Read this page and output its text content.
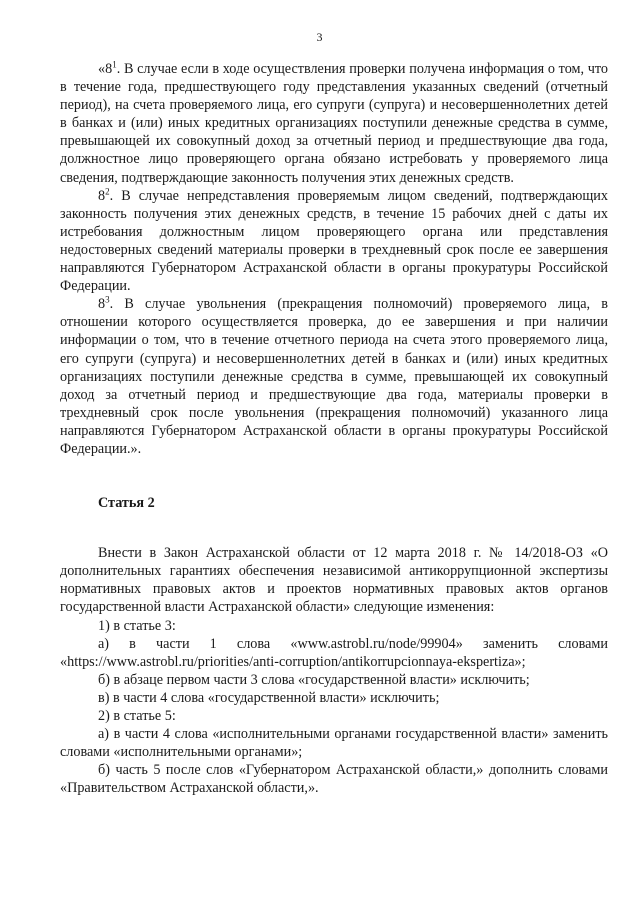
3

«$8^1$. В случае если в ходе осуществления проверки получена информация о том, что в течение года, предшествующего году представления указанных сведений (отчетный период), на счета проверяемого лица, его супруги (супруга) и несовершеннолетних детей в банках и (или) иных кредитных организациях поступили денежные средства в сумме, превышающей их совокупный доход за отчетный период и предшествующие два года, должностное лицо проверяющего органа обязано истребовать у проверяемого лица сведения, подтверждающие законность получения этих денежных средств.

$8^2$. В случае непредставления проверяемым лицом сведений, подтверждающих законность получения этих денежных средств, в течение 15 рабочих дней с даты их истребования должностным лицом проверяющего органа или представления недостоверных сведений материалы проверки в трехдневный срок после ее завершения направляются Губернатором Астраханской области в органы прокуратуры Российской Федерации.

$8^3$. В случае увольнения (прекращения полномочий) проверяемого лица, в отношении которого осуществляется проверка, до ее завершения и при наличии информации о том, что в течение отчетного периода на счета этого проверяемого лица, его супруги (супруга) и несовершеннолетних детей в банках и (или) иных кредитных организациях поступили денежные средства в сумме, превышающей их совокупный доход за отчетный период и предшествующие два года, материалы проверки в трехдневный срок после увольнения (прекращения полномочий) указанного лица направляются Губернатором Астраханской области в органы прокуратуры Российской Федерации.».

Статья 2

Внести в Закон Астраханской области от 12 марта 2018 г. № 14/2018-ОЗ «О дополнительных гарантиях обеспечения независимой антикоррупционной экспертизы нормативных правовых актов и проектов нормативных правовых актов органов государственной власти Астраханской области» следующие изменения:

1) в статье 3:

а) в части 1 слова «www.astrobl.ru/node/99904» заменить словами

«https://www.astrobl.ru/priorities/anti-corruption/antikorrupcionnaya-ekspertiza»;

б) в абзаце первом части 3 слова «государственной власти» исключить;

в) в части 4 слова «государственной власти» исключить;

2) в статье 5:

а) в части 4 слова «исполнительными органами государственной власти» заменить словами «исполнительными органами»;

б) часть 5 после слов «Губернатором Астраханской области,» дополнить словами «Правительством Астраханской области,».
